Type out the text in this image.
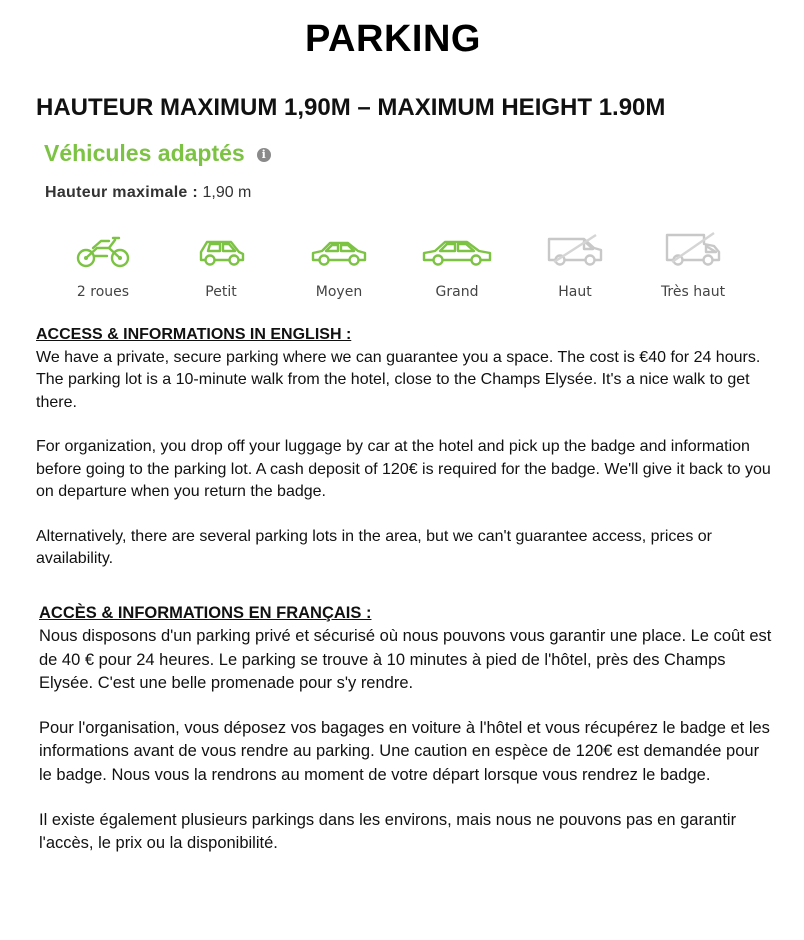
PARKING
HAUTEUR MAXIMUM 1,90M – MAXIMUM HEIGHT 1.90M
Véhicules adaptés	i
Hauteur maximale : 1,90 m
2 roues	Petit	Moyen	Grand	Haut	Très haut

ACCESS & INFORMATIONS IN ENGLISH :

We have a private, secure parking where we can guarantee you a space. The cost is €40 for 24 hours. The parking lot is a 10-minute walk from the hotel, close to the Champs Elysée. It's a nice walk to get there.

For organization, you drop off your luggage by car at the hotel and pick up the badge and information before going to the parking lot. A cash deposit of 120€ is required for the badge. We'll give it back to you on departure when you return the badge.

Alternatively, there are several parking lots in the area, but we can't guarantee access, prices or availability.

ACCÈS & INFORMATIONS EN FRANÇAIS :

Nous disposons d'un parking privé et sécurisé où nous pouvons vous garantir une place. Le coût est de 40 € pour 24 heures. Le parking se trouve à 10 minutes à pied de l'hôtel, près des Champs Elysée. C'est une belle promenade pour s'y rendre.

Pour l'organisation, vous déposez vos bagages en voiture à l'hôtel et vous récupérez le badge et les informations avant de vous rendre au parking. Une caution en espèce de 120€ est demandée pour le badge. Nous vous la rendrons au moment de votre départ lorsque vous rendrez le badge.

Il existe également plusieurs parkings dans les environs, mais nous ne pouvons pas en garantir l'accès, le prix ou la disponibilité.
